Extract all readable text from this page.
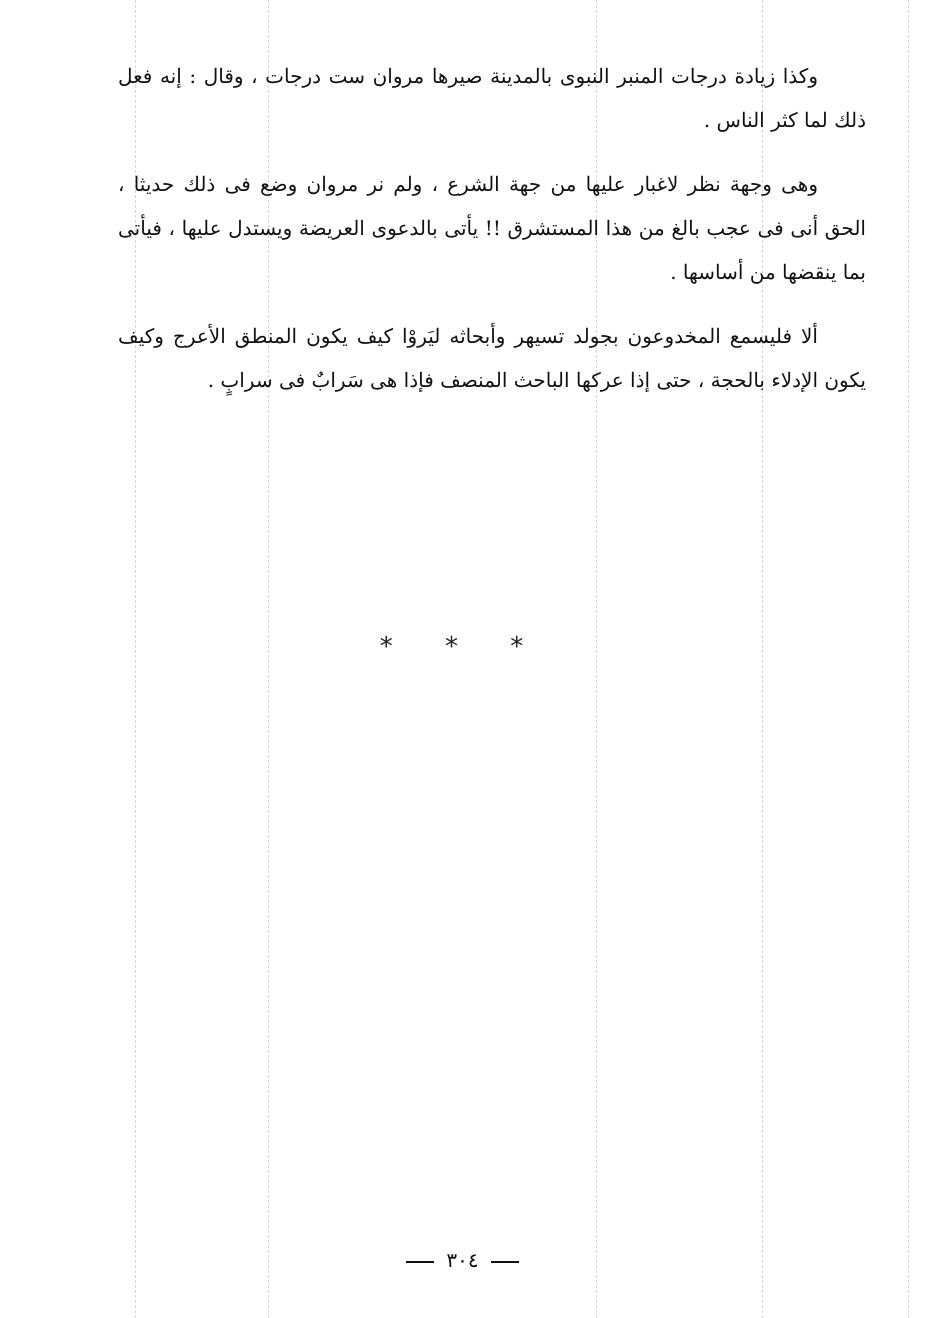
وكذا زيادة درجات المنبر النبوى بالمدينة صيرها مروان ست درجات ، وقال : إنه فعل ذلك لما كثر الناس .

وهى وجهة نظر لاغبار عليها من جهة الشرع ، ولم نر مروان وضع فى ذلك حديثا ، الحق أنى فى عجب بالغ من هذا المستشرق !! يأتى بالدعوى العريضة ويستدل عليها ، فيأتى بما ينقضها من أساسها .

ألا فليسمع المخدوعون بجولد تسيهر وأبحاثه ليَروْا كيف يكون المنطق الأعرج وكيف يكون الإدلاء بالحجة ، حتى إذا عركها الباحث المنصف فإذا هى سَرابٌ فى سرابٍ .

* * *
٣٠٤
